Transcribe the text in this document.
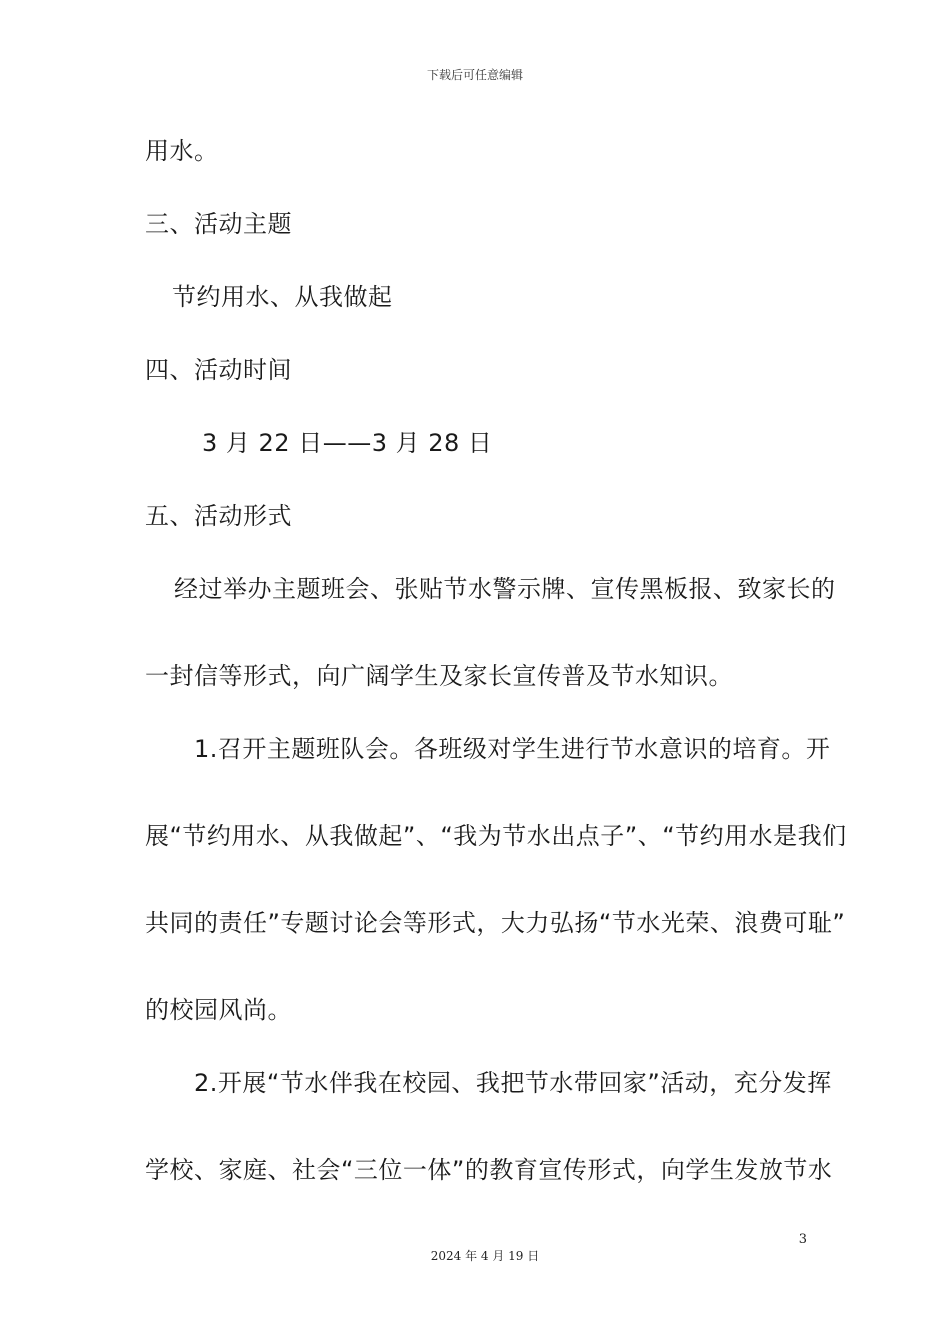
下载后可任意编辑
用水。
三、活动主题
节约用水、从我做起
四、活动时间
3 月 22 日——3 月 28 日
五、活动形式
经过举办主题班会、张贴节水警示牌、宣传黑板报、致家长的
一封信等形式，向广阔学生及家长宣传普及节水知识。
1.召开主题班队会。各班级对学生进行节水意识的培育。开
展“节约用水、从我做起”、“我为节水出点子”、“节约用水是我们
共同的责任”专题讨论会等形式，大力弘扬“节水光荣、浪费可耻”
的校园风尚。
2.开展“节水伴我在校园、我把节水带回家”活动，充分发挥
学校、家庭、社会“三位一体”的教育宣传形式，向学生发放节水
3
2024 年 4 月 19 日
